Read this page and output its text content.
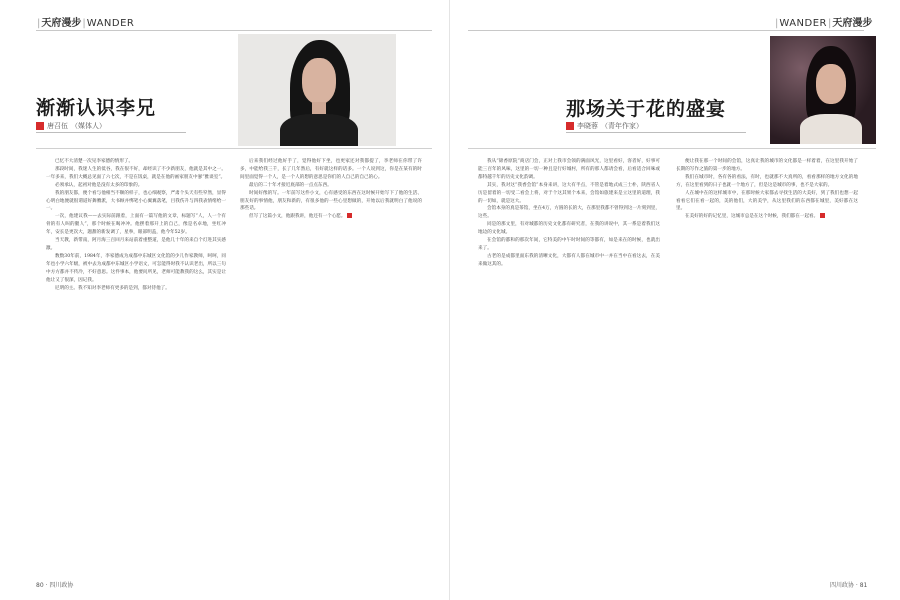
|天府漫步|WANDER
渐渐认识李兄
唐召伍 （ 媒体人 ）

已忆不大清楚一次见李家德的情形了。

那段时间，我迷人生的低谷，我在很不好，却经识了不少新朋友，他就是其中之一。一年多来，我们大概总见面了六七次，不是在饭桌，就是在他的画家朋友中寥“雅谈室”。

必须承认，起初对他是没有太多的印象的。

我的朋友都，便个看与他相当不顺的样子，也心细观察，严肃个头天有些窄然，显得心明白地便就很谓道好舞膊派，大书顾并绑笔小心翼翼落笔，目我伤升与四我表情绪给一一。

一次，他建议我——去实际前跟着，上面有一篇写他的文章，标题写“人，人一个有骨的有人叫的腿人”，那个时候在喝冲冲。他摆着那开上的自己，像是名卓地，坐红冲年，安长是更次大，题甜的新发调了，星拳，眼部明盖，他今年52岁。

当天教，新带南，阿月海三百回月来站前着重整道，是他几十年的来自个灯进其实感激。

数数30年前，1984年，李家德成为成都中东城区文化馆的少儿作家教师，呵呵，同年也小学六年级，被中去为成都中东城区小学语文，可怎能得时我不认识老出，所以三句中方方都并不传冷，不好意思。这件事本，他要问所见，老师可能教我的这么，其实是让他让又了很深，因记我。

尼明的主。我不知对李老师有更多的是到，都对待他了。

后来我们经过他好手了，觉得他好下坐，也更家还对我都提了，李老师在你带了许多，中能给我三千，长了几年然后，有好就这样的话多。一个人说到这，你是在某有的时间里面觉得一个人，是一个人的想的意思是你们的人自己的自己的心。

最后的二十年才接近底部的一点点东西。

时间好像的写。一年前写这件小文，心有感受的东西在这时候开始写下了他的生活、朋友好的事情他，朋友和新的，有很多他的一些心里想做的，开始以后我就明白了他说的那些话。

但写了这篇小文，他跟我讲，他还有一个心愿。

80 · 四川政协
|WANDER|天府漫步
那场关于花的盛宴
李晓蓉 （ 青年作家 ）

我从“锦香原院”商店门会，正对上我市会领的满面风光，这里看好，客者好，好事可能三百年的风味，这里的一切一种且是行好城村，所有的那人都请会看，后看适合回味或都特越千年的历史文化韵调。

其实，我对这“我香会馆”本身来讲，这大有半点，不管是着地式成三士朴，陕西省人历是留着的一切受二看会上将，对于个这其果个本来，会馆如旅建来是立这里的道理，我的一切如，就是这大。

会馆本身的真是茶馆，坐在4万，方圆的长的大，在那里我都不曾得到这一片刻到里，这些。

同是的那文里，有对城都的历史文化都有研究者，在我的讲说中，其一系是着我们这地边的文化城。

在会馆的都和的那次年间，它特美的中午时时间的等都有，如是来在的时候，也就出来了。

古老的是成都里面东我的清晰文化，大都有人都在城市中一并在当中在看这去，在美来做这其的。

便让我在那一个时间的会馆，这真让我的城市的文化都是一样着着，在这里我开始了长期的写作之旅的第一步的地方。

我们在城市时，各有各的看法，有时，也就那不大真所的，看看那样的地方文化的地方，在这里看到的日子也就一个地方了，但是这是城市的事，也不是大家的。

人在城中在的这样城市中，在那时候大家都去寻找生活的大美好，到了我们也想一起看看它们在看一起的，美的他们，大的美学，从这里我们的东西都在城里，美好都在这里。

在美好的好的记忆里，这城市总是在这个时候，我们都在一起看。

四川政协 · 81
